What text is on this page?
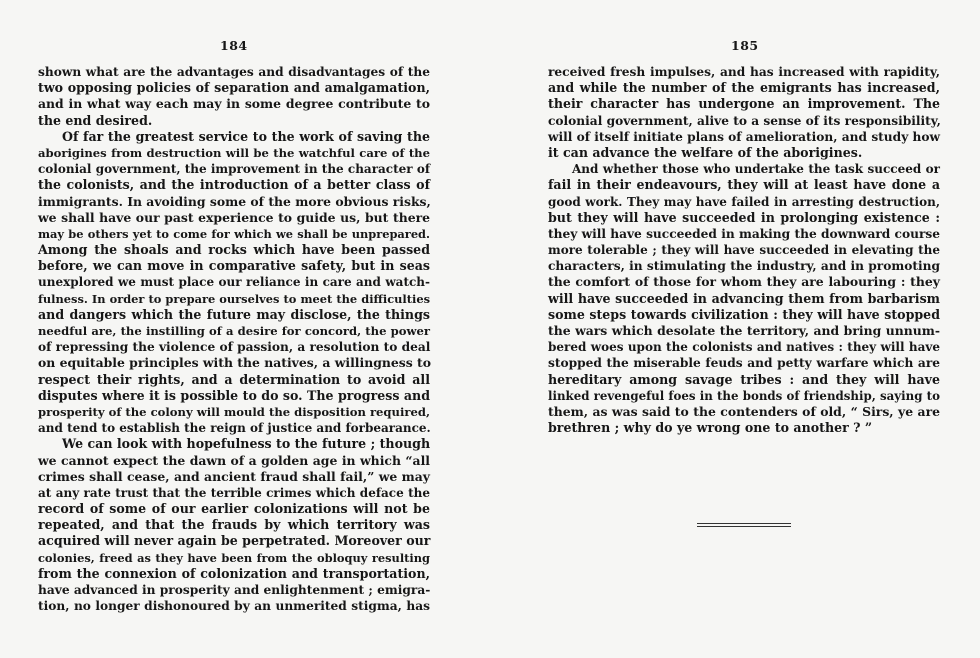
184
shown what are the advantages and disadvantages of the
two opposing policies of separation and amalgamation,
and in what way each may in some degree contribute to
the end desired.
Of far the greatest service to the work of saving the
aborigines from destruction will be the watchful care of the
colonial government, the improvement in the character of
the colonists, and the introduction of a better class of
immigrants. In avoiding some of the more obvious risks,
we shall have our past experience to guide us, but there
may be others yet to come for which we shall be unprepared.
Among the shoals and rocks which have been passed
before, we can move in comparative safety, but in seas
unexplored we must place our reliance in care and watch-
fulness. In order to prepare ourselves to meet the difficulties
and dangers which the future may disclose, the things
needful are, the instilling of a desire for concord, the power
of repressing the violence of passion, a resolution to deal
on equitable principles with the natives, a willingness to
respect their rights, and a determination to avoid all
disputes where it is possible to do so. The progress and
prosperity of the colony will mould the disposition required,
and tend to establish the reign of justice and forbearance.
We can look with hopefulness to the future ; though
we cannot expect the dawn of a golden age in which “all
crimes shall cease, and ancient fraud shall fail,” we may
at any rate trust that the terrible crimes which deface the
record of some of our earlier colonizations will not be
repeated, and that the frauds by which territory was
acquired will never again be perpetrated. Moreover our
colonies, freed as they have been from the obloquy resulting
from the connexion of colonization and transportation,
have advanced in prosperity and enlightenment ; emigra-
tion, no longer dishonoured by an unmerited stigma, has
185
received fresh impulses, and has increased with rapidity,
and while the number of the emigrants has increased,
their character has undergone an improvement. The
colonial government, alive to a sense of its responsibility,
will of itself initiate plans of amelioration, and study how
it can advance the welfare of the aborigines.
And whether those who undertake the task succeed or
fail in their endeavours, they will at least have done a
good work. They may have failed in arresting destruction,
but they will have succeeded in prolonging existence :
they will have succeeded in making the downward course
more tolerable ; they will have succeeded in elevating the
characters, in stimulating the industry, and in promoting
the comfort of those for whom they are labouring : they
will have succeeded in advancing them from barbarism
some steps towards civilization : they will have stopped
the wars which desolate the territory, and bring unnum-
bered woes upon the colonists and natives : they will have
stopped the miserable feuds and petty warfare which are
hereditary among savage tribes : and they will have
linked revengeful foes in the bonds of friendship, saying to
them, as was said to the contenders of old, “ Sirs, ye are
brethren ; why do ye wrong one to another ? ”
